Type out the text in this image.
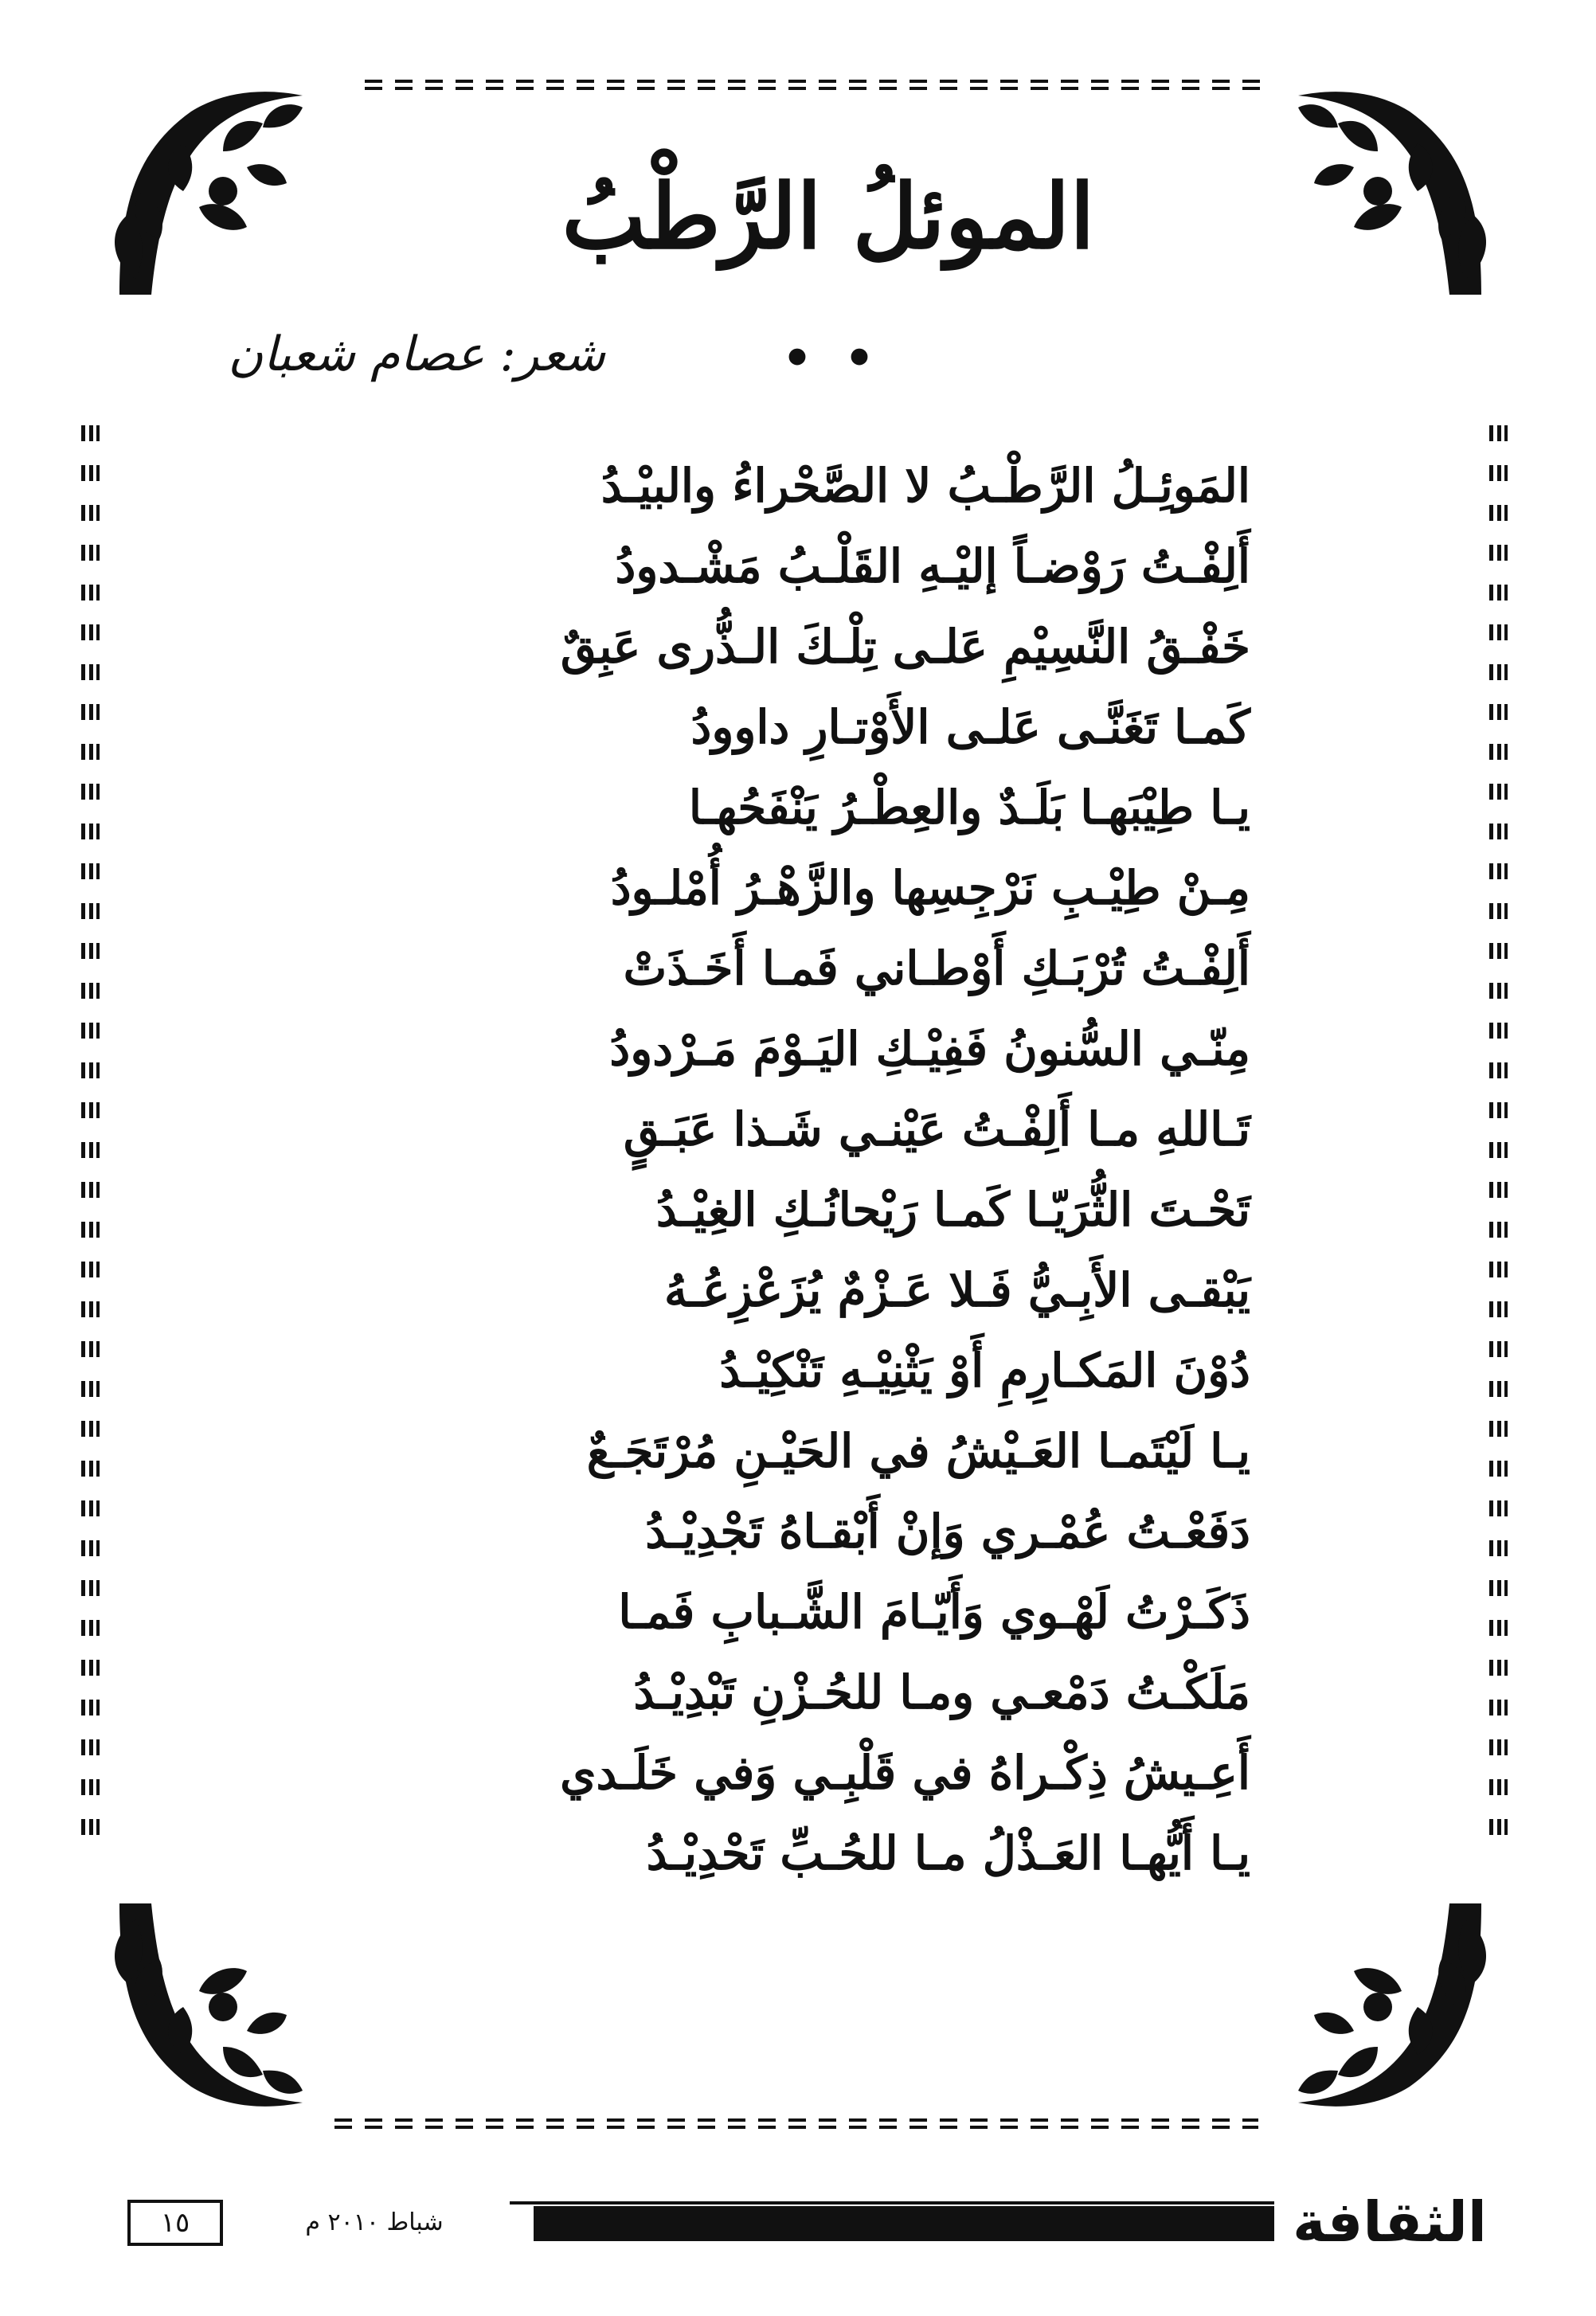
الموئلُ الرَّطْبُ . .
شعر: عصام شعبان
المَوئِـلُ الرَّطْـبُ لا الصَّحْراءُ والبيْـدُ
أَلِفْـتُ رَوْضـاً إليْـهِ القَلْـبُ مَشْـدودُ
خَفْـقُ النَّسِيْمِ عَلـى تِلْـكَ الـذُّرى عَبِقٌ
كَمـا تَغَنَّـى عَلـى الأَوْتـارِ داوودُ
يـا طِيْبَهـا بَلَـدٌ والعِطْـرُ يَنْفَحُهـا
مِـنْ طِيْـبِ نَرْجِسِها والزَّهْـرُ أُمْلـودُ
أَلِفْـتُ تُرْبَـكِ أَوْطـاني فَمـا أَخَـذَتْ
مِنّـي السُّنونُ فَفِيْـكِ اليَـوْمَ مَـرْدودُ
تَـاللهِ مـا أَلِفْـتُ عَيْنـي شَـذا عَبَـقٍ
تَحْـتَ الثُّرَيّـا كَمـا رَيْحانُـكِ الغِيْـدُ
يَبْقـى الأَبِـيُّ فَـلا عَـزْمٌ يُزَعْزِعُـهُ
دُوْنَ المَكـارِمِ أَوْ يَثْنِيْـهِ تَنْكِيْـدُ
يـا لَيْتَمـا العَـيْشُ في الحَيْـنِ مُرْتَجَـعٌ
دَفَعْـتُ عُمْـري وَإنْ أَبْقـاهُ تَجْدِيْـدُ
ذَكَـرْتُ لَهْـوي وَأَيّـامَ الشَّـبابِ فَمـا
مَلَكْـتُ دَمْعـي ومـا للحُـزْنِ تَبْدِيْـدُ
أَعِـيشُ ذِكْـراهُ في قَلْبِـي وَفي خَلَـدي
يـا أَيُّهـا العَـذْلُ مـا للحُـبِّ تَحْدِيْـدُ
١٥	شباط ٢٠١٠ م	الثقافة
